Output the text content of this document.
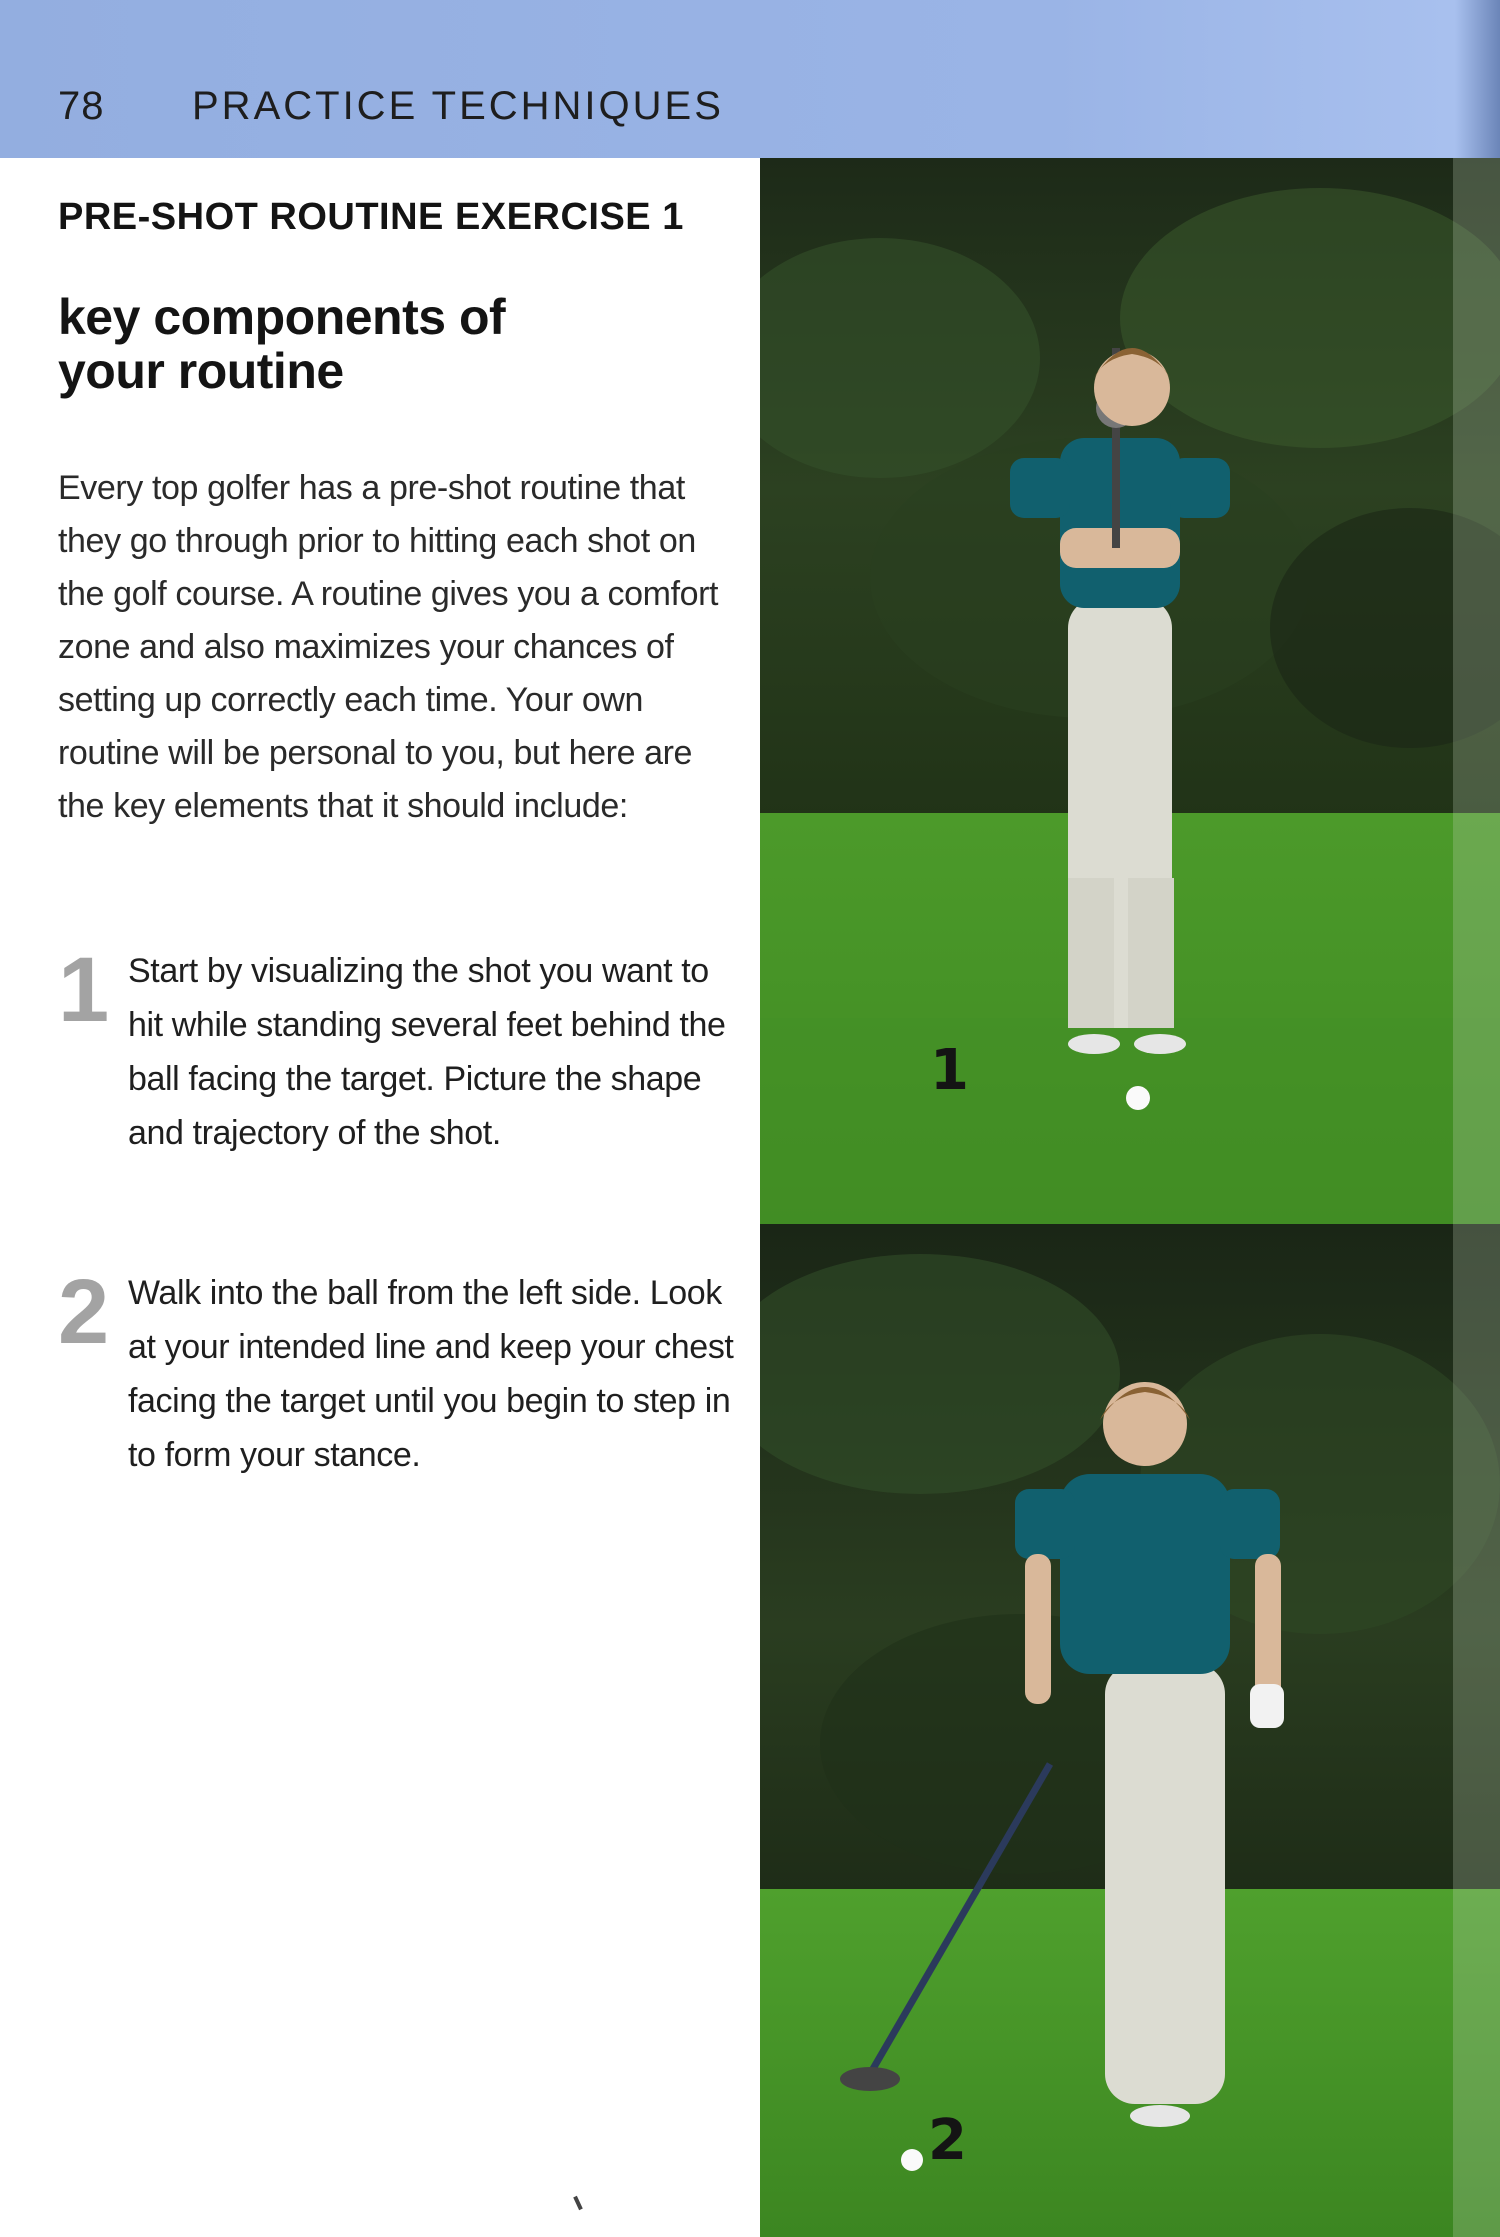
78 PRACTICE TECHNIQUES
PRE-SHOT ROUTINE EXERCISE 1
key components of
your routine
Every top golfer has a pre-shot routine that they go through prior to hitting each shot on the golf course. A routine gives you a comfort zone and also maximizes your chances of setting up correctly each time. Your own routine will be personal to you, but here are the key elements that it should include:
1 Start by visualizing the shot you want to hit while standing several feet behind the ball facing the target. Picture the shape and trajectory of the shot.
2 Walk into the ball from the left side. Look at your intended line and keep your chest facing the target until you begin to step in to form your stance.
1
2
